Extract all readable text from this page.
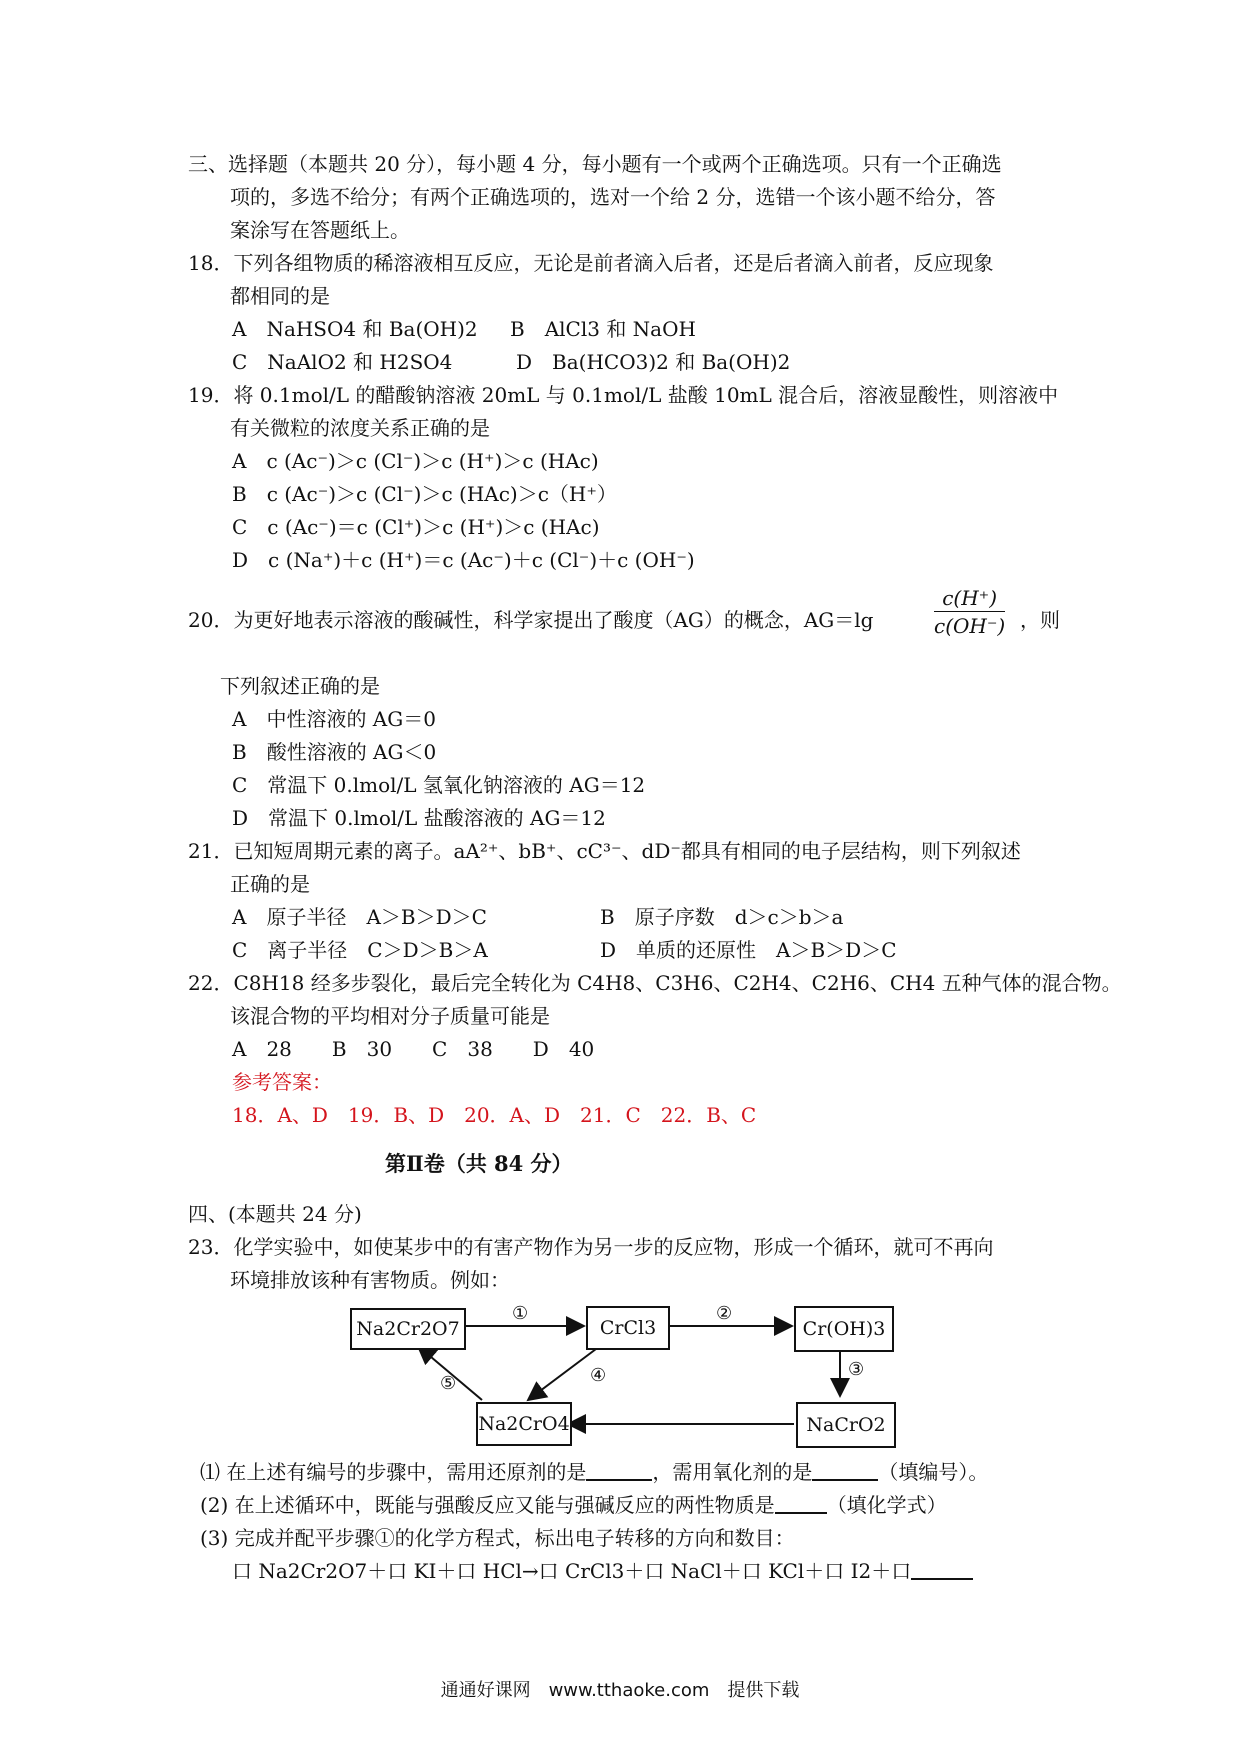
三、选择题（本题共 20 分），每小题 4 分，每小题有一个或两个正确选项。只有一个正确选
项的，多选不给分；有两个正确选项的，选对一个给 2 分，选错一个该小题不给分，答
案涂写在答题纸上。
18．下列各组物质的稀溶液相互反应，无论是前者滴入后者，还是后者滴入前者，反应现象
都相同的是
A　NaHSO4 和 Ba(OH)2 B　AlCl3 和 NaOH
C　NaAlO2 和 H2SO4	D　Ba(HCO3)2 和 Ba(OH)2
19．将 0.1mol/L 的醋酸钠溶液 20mL 与 0.1mol/L 盐酸 10mL 混合后，溶液显酸性，则溶液中
有关微粒的浓度关系正确的是
A　c (Ac⁻)＞c (Cl⁻)＞c (H⁺)＞c (HAc)
B　c (Ac⁻)＞c (Cl⁻)＞c (HAc)＞c（H⁺）
C　c (Ac⁻)＝c (Cl⁺)＞c (H⁺)＞c (HAc)
D　c (Na⁺)＋c (H⁺)＝c (Ac⁻)＋c (Cl⁻)＋c (OH⁻)
20．为更好地表示溶液的酸碱性，科学家提出了酸度（AG）的概念，AG＝lg	$\frac{c(H^+)}{c(OH^-)}$ ，则
下列叙述正确的是
A　中性溶液的 AG＝0
B　酸性溶液的 AG＜0
C　常温下 0.lmol/L 氢氧化钠溶液的 AG＝12
D　常温下 0.lmol/L 盐酸溶液的 AG＝12
21．已知短周期元素的离子。aA²⁺、bB⁺、cC³⁻、dD⁻都具有相同的电子层结构，则下列叙述
正确的是
A　原子半径　A＞B＞D＞C	B　原子序数　d＞c＞b＞a
C　离子半径　C＞D＞B＞A	D　单质的还原性　A＞B＞D＞C
22．C8H18 经多步裂化，最后完全转化为 C4H8、C3H6、C2H4、C2H6、CH4 五种气体的混合物。
该混合物的平均相对分子质量可能是
A　28　　B　30　　C　38　　D　40
参考答案：
18．A、D　19．B、D　20．A、D　21．C　22．B、C
第Ⅱ卷（共 84 分）
四、(本题共 24 分)
23．化学实验中，如使某步中的有害产物作为另一步的反应物，形成一个循环，就可不再向
环境排放该种有害物质。例如：
Na2Cr2O7	CrCl3	Cr(OH)3
Na2CrO4	NaCrO2
①	②
③
④
⑤
⑴ 在上述有编号的步骤中，需用还原剂的是	，需用氧化剂的是	（填编号）。
(2) 在上述循环中，既能与强酸反应又能与强碱反应的两性物质是	（填化学式）
(3) 完成并配平步骤①的化学方程式，标出电子转移的方向和数目：
口 Na2Cr2O7＋口 KI＋口 HCl→口 CrCl3＋口 NaCl＋口 KCl＋口 I2＋口
通通好课网　www.tthaoke.com　提供下载
